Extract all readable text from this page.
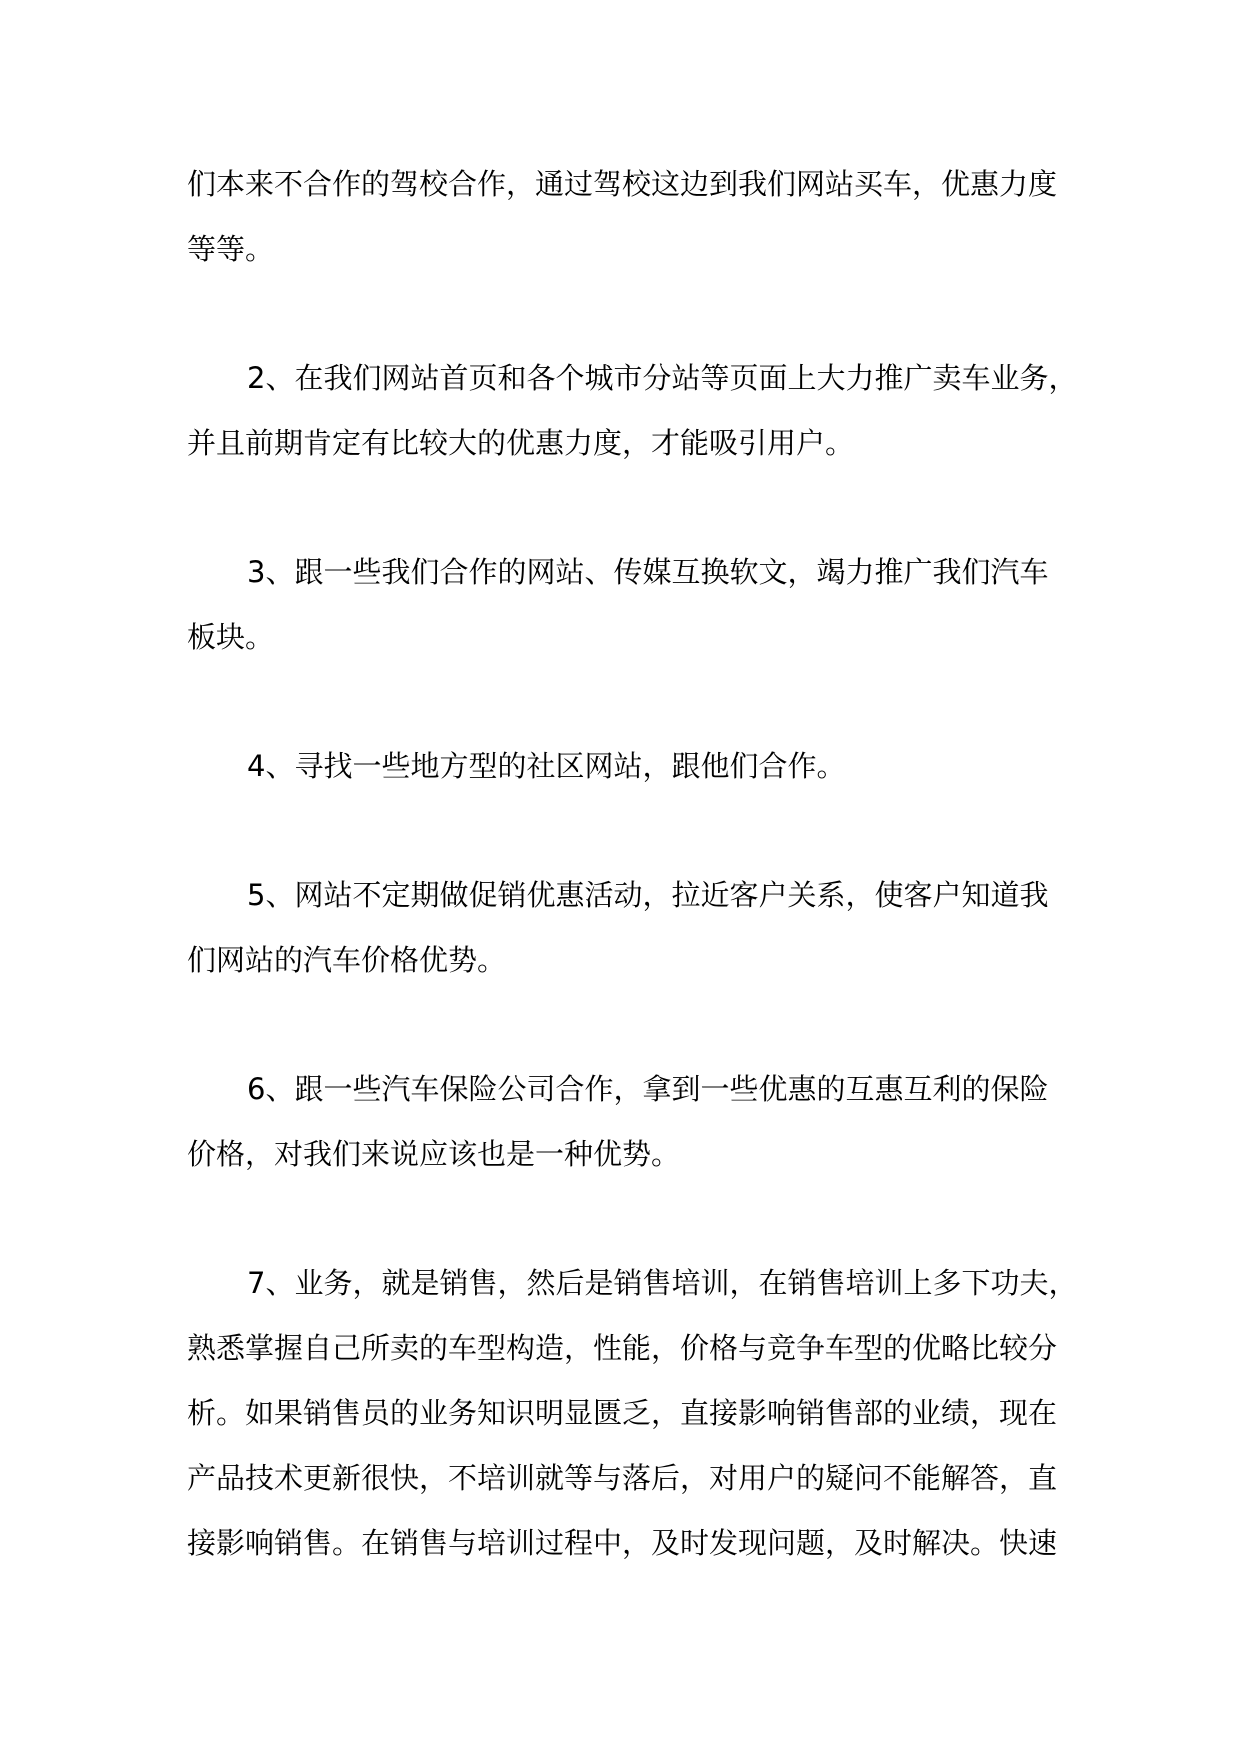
们本来不合作的驾校合作，通过驾校这边到我们网站买车，优惠力度
等等。

2、在我们网站首页和各个城市分站等页面上大力推广卖车业务，
并且前期肯定有比较大的优惠力度，才能吸引用户。

3、跟一些我们合作的网站、传媒互换软文，竭力推广我们汽车
板块。

4、寻找一些地方型的社区网站，跟他们合作。

5、网站不定期做促销优惠活动，拉近客户关系，使客户知道我
们网站的汽车价格优势。

6、跟一些汽车保险公司合作，拿到一些优惠的互惠互利的保险
价格，对我们来说应该也是一种优势。

7、业务，就是销售，然后是销售培训，在销售培训上多下功夫，
熟悉掌握自己所卖的车型构造，性能，价格与竞争车型的优略比较分
析。如果销售员的业务知识明显匮乏，直接影响销售部的业绩，现在
产品技术更新很快，不培训就等与落后，对用户的疑问不能解答，直
接影响销售。在销售与培训过程中，及时发现问题，及时解决。快速
